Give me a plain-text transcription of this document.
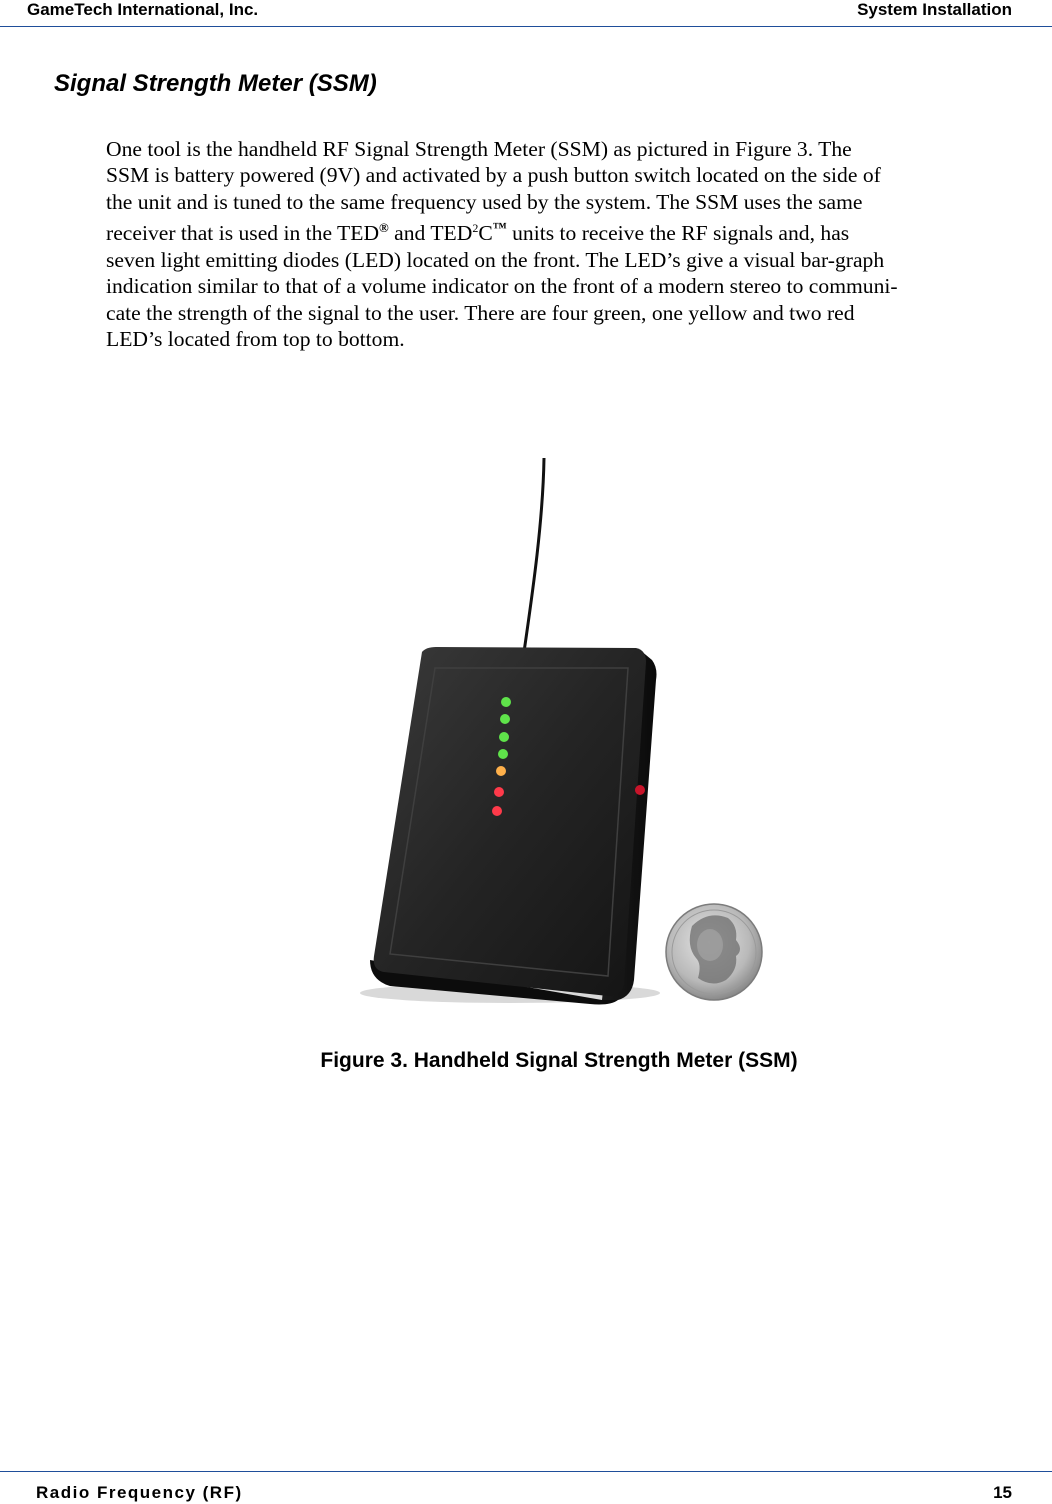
GameTech International, Inc.	System Installation
Signal Strength Meter (SSM)
One tool is the handheld RF Signal Strength Meter (SSM) as pictured in Figure 3. The
SSM is battery powered (9V) and activated by a push button switch located on the side of
the unit and is tuned to the same frequency used by the system. The SSM uses the same
receiver that is used in the TED® and TED$^2$C™ units to receive the RF signals and, has
seven light emitting diodes (LED) located on the front. The LED’s give a visual bar-graph
indication similar to that of a volume indicator on the front of a modern stereo to communi-
cate the strength of the signal to the user. There are four green, one yellow and two red
LED’s located from top to bottom.
Figure 3. Handheld Signal Strength Meter (SSM)
Radio Frequency (RF)	15
